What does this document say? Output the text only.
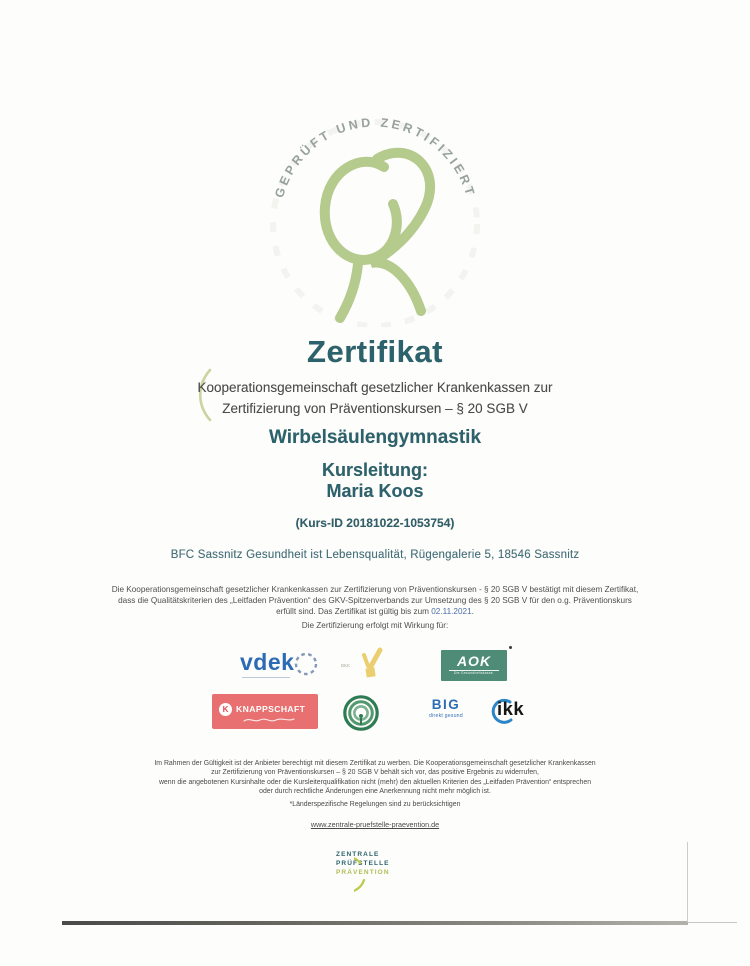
GEPRÜFT UND ZERTIFIZIERT
Zertifikat
Kooperationsgemeinschaft gesetzlicher Krankenkassen zur
Zertifizierung von Präventionskursen – § 20 SGB V
Wirbelsäulengymnastik
Kursleitung:
Maria Koos
(Kurs-ID 20181022-1053754)
BFC Sassnitz Gesundheit ist Lebensqualität, Rügengalerie 5, 18546 Sassnitz
Die Kooperationsgemeinschaft gesetzlicher Krankenkassen zur Zertifizierung von Präventionskursen - § 20 SGB V bestätigt mit diesem Zertifikat,
dass die Qualitätskriterien des „Leitfaden Prävention“ des GKV-Spitzenverbands zur Umsetzung des § 20 SGB V für den o.g. Präventionskurs
erfüllt sind. Das Zertifikat ist gültig bis zum 02.11.2021.
Die Zertifizierung erfolgt mit Wirkung für:
vdek	BKK	AOK
Die Gesundheitskasse.
K KNAPPSCHAFT	BIG
direkt gesund	ikk
Im Rahmen der Gültigkeit ist der Anbieter berechtigt mit diesem Zertifikat zu werben. Die Kooperationsgemeinschaft gesetzlicher Krankenkassen
zur Zertifizierung von Präventionskursen – § 20 SGB V behält sich vor, das positive Ergebnis zu widerrufen,
wenn die angebotenen Kursinhalte oder die Kursleiterqualifikation nicht (mehr) den aktuellen Kriterien des „Leitfaden Prävention“ entsprechen
oder durch rechtliche Änderungen eine Anerkennung nicht mehr möglich ist.
*Länderspezifische Regelungen sind zu berücksichtigen
www.zentrale-pruefstelle-praevention.de
ZENTRALE
PRÜFSTELLE
PRÄVENTION
